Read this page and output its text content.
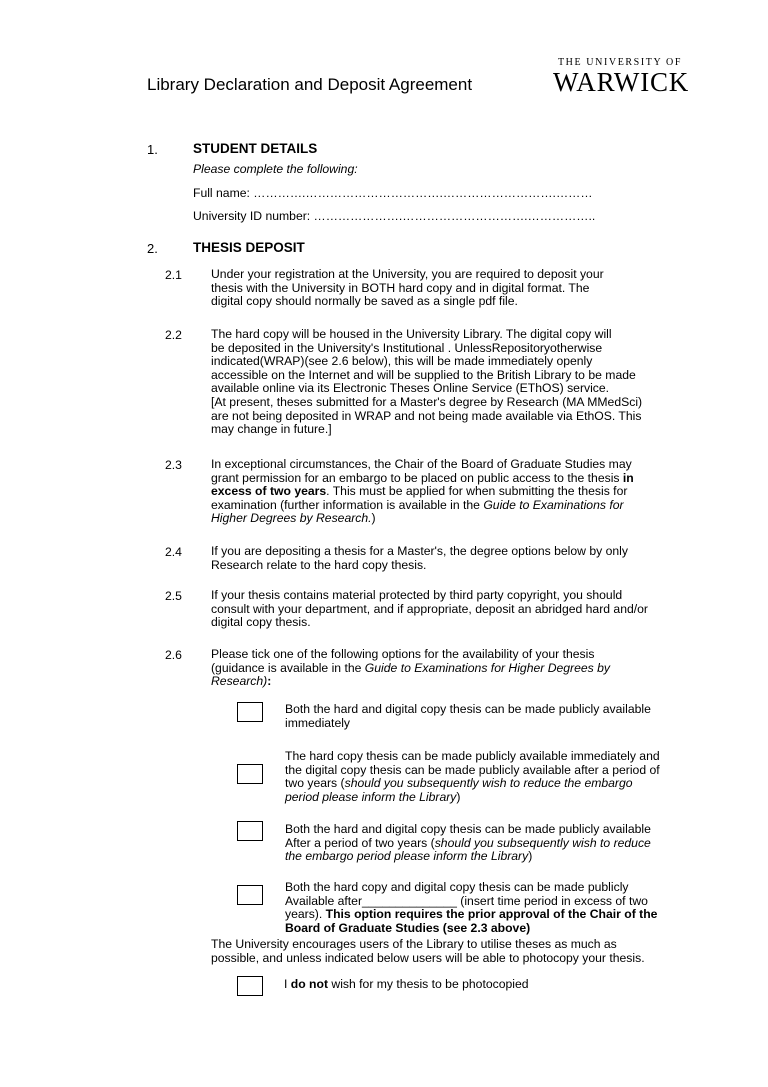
Library Declaration and Deposit Agreement
THE UNIVERSITY OF
WARWICK
1.	STUDENT DETAILS
Please complete the following:
Full name: ………….…………………………….……………………….………
University ID number: ………………….………………………….……………..
2.	THESIS DEPOSIT
2.1 Under your registration at the University, you are required to deposit your

thesis with the University in BOTH hard copy and in digital format. The

digital copy should normally be saved as a single pdf file.

2.2 The hard copy will be housed in the University Library. The digital copy will

be deposited in the University's Institutional . UnlessRepositoryotherwise

indicated(WRAP)(see 2.6 below), this will be made immediately openly

accessible on the Internet and will be supplied to the British Library to be made

available online via its Electronic Theses Online Service (EThOS) service.

[At present, theses submitted for a Master's degree by Research (MA MMedSci)

are not being deposited in WRAP and not being made available via EthOS. This

may change in future.]

2.3 In exceptional circumstances, the Chair of the Board of Graduate Studies may

grant permission for an embargo to be placed on public access to the thesis in

excess of two years. This must be applied for when submitting the thesis for

examination (further information is available in the Guide to Examinations for

Higher Degrees by Research.)

2.4 If you are depositing a thesis for a Master's, the degree options below by only

Research relate to the hard copy thesis.

2.5 If your thesis contains material protected by third party copyright, you should

consult with your department, and if appropriate, deposit an abridged hard and/or

digital copy thesis.

2.6 Please tick one of the following options for the availability of your thesis

(guidance is available in the Guide to Examinations for Higher Degrees by

Research):

Both the hard and digital copy thesis can be made publicly available

immediately

The hard copy thesis can be made publicly available immediately and

the digital copy thesis can be made publicly available after a period of

two years (should you subsequently wish to reduce the embargo

period please inform the Library)

Both the hard and digital copy thesis can be made publicly available

After a period of two years (should you subsequently wish to reduce

the embargo period please inform the Library)

Both the hard copy and digital copy thesis can be made publicly

Available after______________ (insert time period in excess of two

years). This option requires the prior approval of the Chair of the

Board of Graduate Studies (see 2.3 above)

The University encourages users of the Library to utilise theses as much as

possible, and unless indicated below users will be able to photocopy your thesis.

I do not wish for my thesis to be photocopied
